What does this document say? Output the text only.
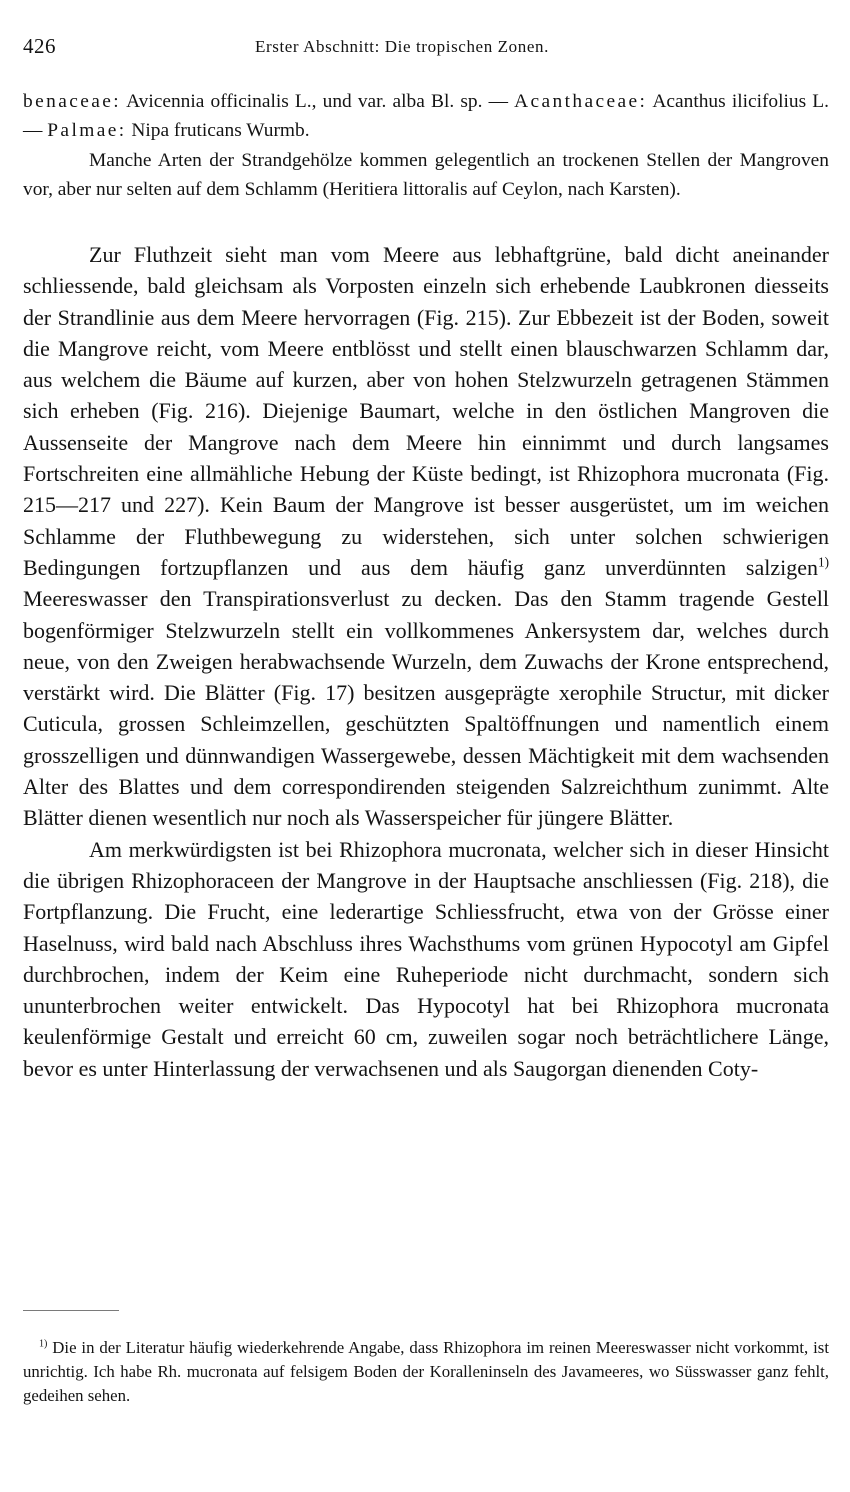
426	Erster Abschnitt: Die tropischen Zonen.

benaceae: Avicennia officinalis L., und var. alba Bl. sp. — Acanthaceae: Acanthus ilicifolius L. — Palmae: Nipa fruticans Wurmb.

Manche Arten der Strandgehölze kommen gelegentlich an trockenen Stellen der Mangroven vor, aber nur selten auf dem Schlamm (Heritiera littoralis auf Ceylon, nach Karsten).

Zur Fluthzeit sieht man vom Meere aus lebhaftgrüne, bald dicht aneinander schliessende, bald gleichsam als Vorposten einzeln sich erhebende Laubkronen diesseits der Strandlinie aus dem Meere hervorragen (Fig. 215). Zur Ebbezeit ist der Boden, soweit die Mangrove reicht, vom Meere entblösst und stellt einen blauschwarzen Schlamm dar, aus welchem die Bäume auf kurzen, aber von hohen Stelzwurzeln getragenen Stämmen sich erheben (Fig. 216). Diejenige Baumart, welche in den östlichen Mangroven die Aussenseite der Mangrove nach dem Meere hin einnimmt und durch langsames Fortschreiten eine allmähliche Hebung der Küste bedingt, ist Rhizophora mucronata (Fig. 215—217 und 227). Kein Baum der Mangrove ist besser ausgerüstet, um im weichen Schlamme der Fluthbewegung zu widerstehen, sich unter solchen schwierigen Bedingungen fortzupflanzen und aus dem häufig ganz unverdünnten salzigen$^{1)}$ Meereswasser den Transpirationsverlust zu decken. Das den Stamm tragende Gestell bogenförmiger Stelzwurzeln stellt ein vollkommenes Ankersystem dar, welches durch neue, von den Zweigen herabwachsende Wurzeln, dem Zuwachs der Krone entsprechend, verstärkt wird. Die Blätter (Fig. 17) besitzen ausgeprägte xerophile Structur, mit dicker Cuticula, grossen Schleimzellen, geschützten Spaltöffnungen und namentlich einem grosszelligen und dünnwandigen Wassergewebe, dessen Mächtigkeit mit dem wachsenden Alter des Blattes und dem correspondirenden steigenden Salzreichthum zunimmt. Alte Blätter dienen wesentlich nur noch als Wasserspeicher für jüngere Blätter.

Am merkwürdigsten ist bei Rhizophora mucronata, welcher sich in dieser Hinsicht die übrigen Rhizophoraceen der Mangrove in der Hauptsache anschliessen (Fig. 218), die Fortpflanzung. Die Frucht, eine lederartige Schliessfrucht, etwa von der Grösse einer Haselnuss, wird bald nach Abschluss ihres Wachsthums vom grünen Hypocotyl am Gipfel durchbrochen, indem der Keim eine Ruheperiode nicht durchmacht, sondern sich ununterbrochen weiter entwickelt. Das Hypocotyl hat bei Rhizophora mucronata keulenförmige Gestalt und erreicht 60 cm, zuweilen sogar noch beträchtlichere Länge, bevor es unter Hinterlassung der verwachsenen und als Saugorgan dienenden Coty-

$^{1)}$ Die in der Literatur häufig wiederkehrende Angabe, dass Rhizophora im reinen Meereswasser nicht vorkommt, ist unrichtig. Ich habe Rh. mucronata auf felsigem Boden der Koralleninseln des Javameeres, wo Süsswasser ganz fehlt, gedeihen sehen.
